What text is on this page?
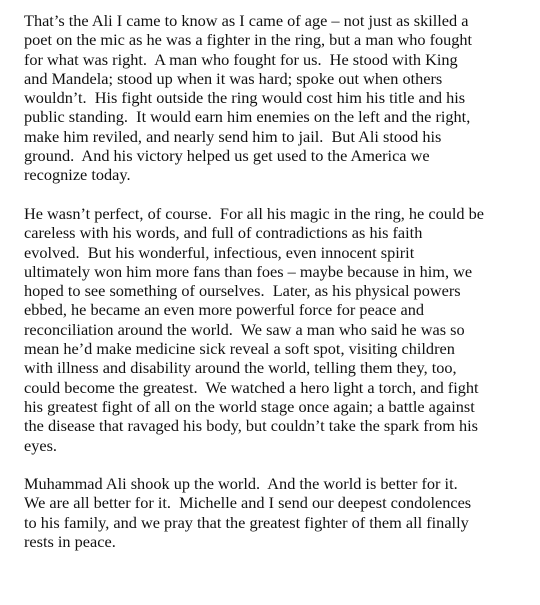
That’s the Ali I came to know as I came of age – not just as skilled a
poet on the mic as he was a fighter in the ring, but a man who fought
for what was right.  A man who fought for us.  He stood with King
and Mandela; stood up when it was hard; spoke out when others
wouldn’t.  His fight outside the ring would cost him his title and his
public standing.  It would earn him enemies on the left and the right,
make him reviled, and nearly send him to jail.  But Ali stood his
ground.  And his victory helped us get used to the America we
recognize today.

He wasn’t perfect, of course.  For all his magic in the ring, he could be
careless with his words, and full of contradictions as his faith
evolved.  But his wonderful, infectious, even innocent spirit
ultimately won him more fans than foes – maybe because in him, we
hoped to see something of ourselves.  Later, as his physical powers
ebbed, he became an even more powerful force for peace and
reconciliation around the world.  We saw a man who said he was so
mean he’d make medicine sick reveal a soft spot, visiting children
with illness and disability around the world, telling them they, too,
could become the greatest.  We watched a hero light a torch, and fight
his greatest fight of all on the world stage once again; a battle against
the disease that ravaged his body, but couldn’t take the spark from his
eyes.

Muhammad Ali shook up the world.  And the world is better for it.
We are all better for it.  Michelle and I send our deepest condolences
to his family, and we pray that the greatest fighter of them all finally
rests in peace.
